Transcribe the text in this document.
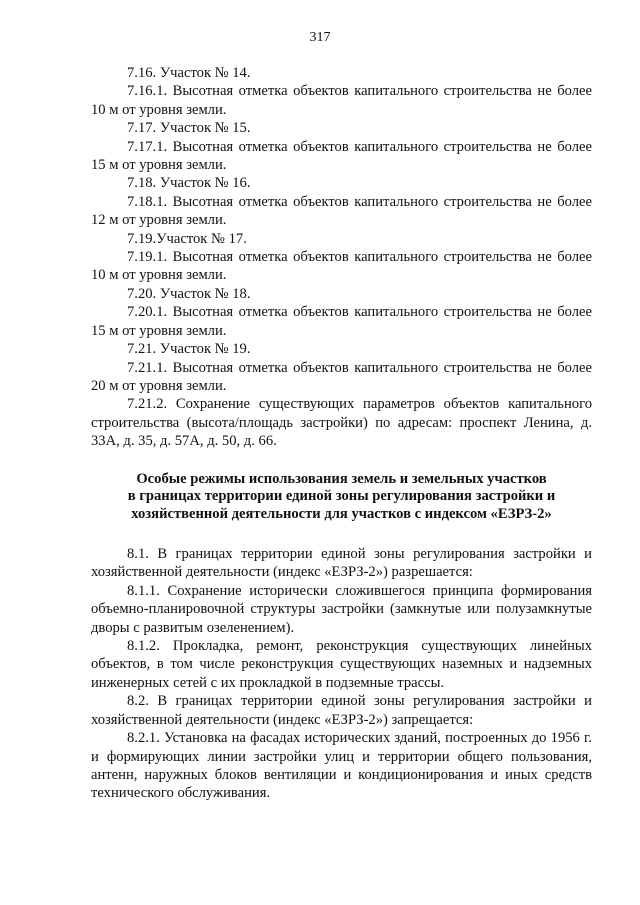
317

7.16. Участок № 14.

7.16.1. Высотная отметка объектов капитального строительства не более 10 м от уровня земли.

7.17. Участок № 15.

7.17.1. Высотная отметка объектов капитального строительства не более 15 м от уровня земли.

7.18. Участок № 16.

7.18.1. Высотная отметка объектов капитального строительства не более 12 м от уровня земли.

7.19.Участок № 17.

7.19.1. Высотная отметка объектов капитального строительства не более 10 м от уровня земли.

7.20. Участок № 18.

7.20.1. Высотная отметка объектов капитального строительства не более 15 м от уровня земли.

7.21. Участок № 19.

7.21.1. Высотная отметка объектов капитального строительства не более 20 м от уровня земли.

7.21.2. Сохранение существующих параметров объектов капитального строительства (высота/площадь застройки) по адресам: проспект Ленина, д. 33А, д. 35, д. 57А, д. 50, д. 66.

Особые режимы использования земель и земельных участков
в границах территории единой зоны регулирования застройки и
хозяйственной деятельности для участков с индексом «ЕЗРЗ-2»

8.1. В границах территории единой зоны регулирования застройки и хозяйственной деятельности (индекс «ЕЗРЗ-2») разрешается:

8.1.1. Сохранение исторически сложившегося принципа формирования объемно-планировочной структуры застройки (замкнутые или полузамкнутые дворы с развитым озеленением).

8.1.2. Прокладка, ремонт, реконструкция существующих линейных объектов, в том числе реконструкция существующих наземных и надземных инженерных сетей с их прокладкой в подземные трассы.

8.2. В границах территории единой зоны регулирования застройки и хозяйственной деятельности (индекс «ЕЗРЗ-2») запрещается:

8.2.1. Установка на фасадах исторических зданий, построенных до 1956 г. и формирующих линии застройки улиц и территории общего пользования, антенн, наружных блоков вентиляции и кондиционирования и иных средств технического обслуживания.
